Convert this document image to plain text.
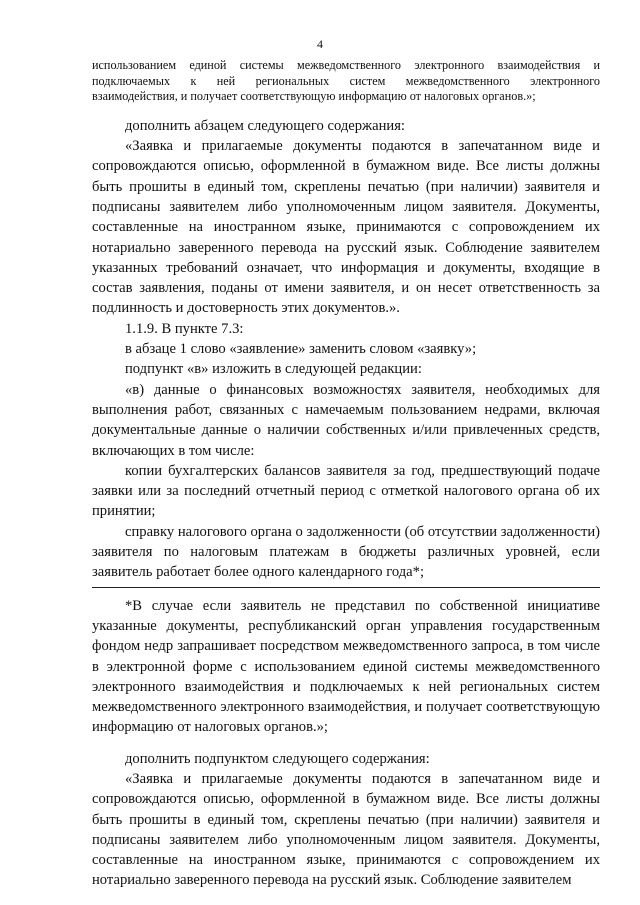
4
использованием единой системы межведомственного электронного взаимодействия и
подключаемых к ней региональных систем межведомственного электронного
взаимодействия, и получает соответствующую информацию от налоговых органов.»;

дополнить абзацем следующего содержания:

«Заявка и прилагаемые документы подаются в запечатанном виде и сопровождаются описью, оформленной в бумажном виде. Все листы должны быть прошиты в единый том, скреплены печатью (при наличии) заявителя и подписаны заявителем либо уполномоченным лицом заявителя. Документы, составленные на иностранном языке, принимаются с сопровождением их нотариально заверенного перевода на русский язык. Соблюдение заявителем указанных требований означает, что информация и документы, входящие в состав заявления, поданы от имени заявителя, и он несет ответственность за подлинность и достоверность этих документов.».

1.1.9. В пункте 7.3:

в абзаце 1 слово «заявление» заменить словом «заявку»;

подпункт «в» изложить в следующей редакции:

«в) данные о финансовых возможностях заявителя, необходимых для выполнения работ, связанных с намечаемым пользованием недрами, включая документальные данные о наличии собственных и/или привлеченных средств, включающих в том числе:

копии бухгалтерских балансов заявителя за год, предшествующий подаче заявки или за последний отчетный период с отметкой налогового органа об их принятии;

справку налогового органа о задолженности (об отсутствии задолженности) заявителя по налоговым платежам в бюджеты различных уровней, если заявитель работает более одного календарного года*;

*В случае если заявитель не представил по собственной инициативе указанные документы, республиканский орган управления государственным фондом недр запрашивает посредством межведомственного запроса, в том числе в электронной форме с использованием единой системы межведомственного электронного взаимодействия и подключаемых к ней региональных систем межведомственного электронного взаимодействия, и получает соответствующую информацию от налоговых органов.»;

дополнить подпунктом следующего содержания:

«Заявка и прилагаемые документы подаются в запечатанном виде и сопровождаются описью, оформленной в бумажном виде. Все листы должны быть прошиты в единый том, скреплены печатью (при наличии) заявителя и подписаны заявителем либо уполномоченным лицом заявителя. Документы, составленные на иностранном языке, принимаются с сопровождением их нотариально заверенного перевода на русский язык. Соблюдение заявителем
